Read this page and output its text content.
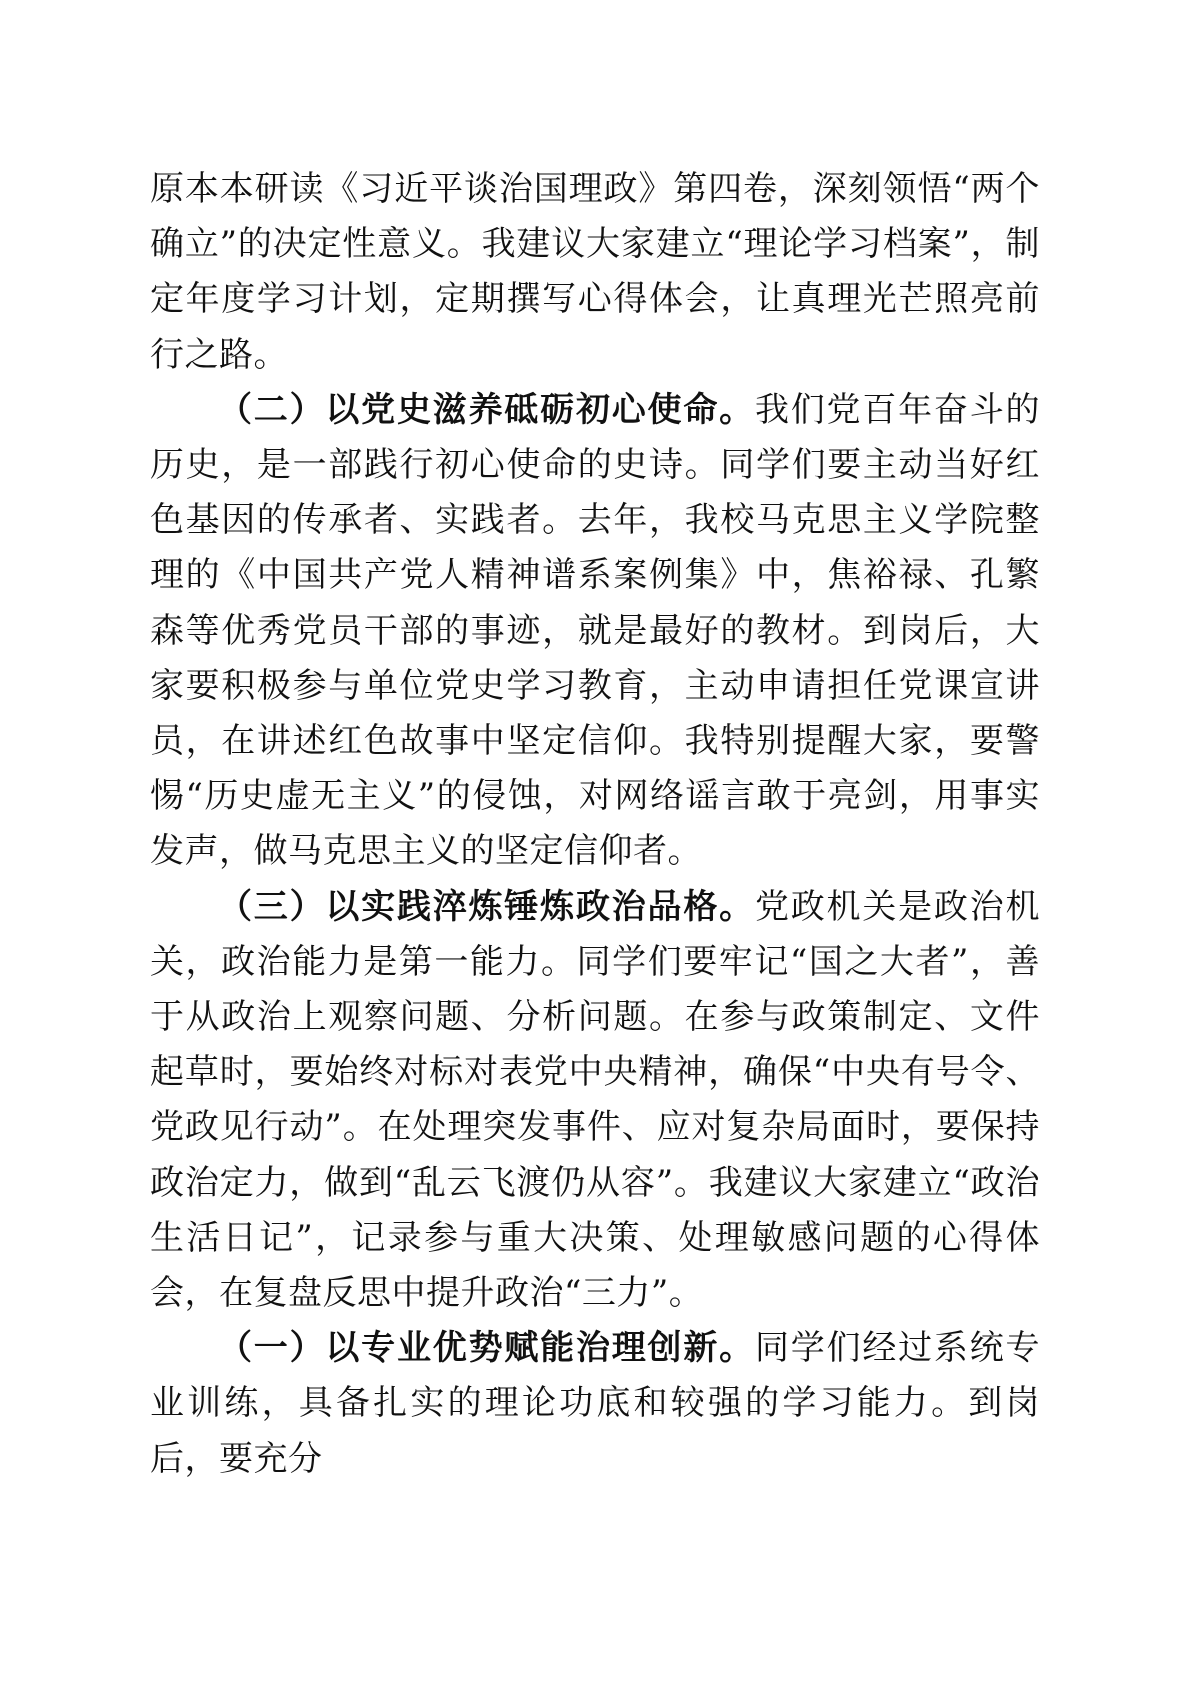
原本本研读《习近平谈治国理政》第四卷，深刻领悟“两个确立”的决定性意义。我建议大家建立“理论学习档案”，制定年度学习计划，定期撰写心得体会，让真理光芒照亮前行之路。

（二）以党史滋养砥砺初心使命。我们党百年奋斗的历史，是一部践行初心使命的史诗。同学们要主动当好红色基因的传承者、实践者。去年，我校马克思主义学院整理的《中国共产党人精神谱系案例集》中，焦裕禄、孔繁森等优秀党员干部的事迹，就是最好的教材。到岗后，大家要积极参与单位党史学习教育，主动申请担任党课宣讲员，在讲述红色故事中坚定信仰。我特别提醒大家，要警惕“历史虚无主义”的侵蚀，对网络谣言敢于亮剑，用事实发声，做马克思主义的坚定信仰者。

（三）以实践淬炼锤炼政治品格。党政机关是政治机关，政治能力是第一能力。同学们要牢记“国之大者”，善于从政治上观察问题、分析问题。在参与政策制定、文件起草时，要始终对标对表党中央精神，确保“中央有号令、党政见行动”。在处理突发事件、应对复杂局面时，要保持政治定力，做到“乱云飞渡仍从容”。我建议大家建立“政治生活日记”，记录参与重大决策、处理敏感问题的心得体会，在复盘反思中提升政治“三力”。

（一）以专业优势赋能治理创新。同学们经过系统专业训练，具备扎实的理论功底和较强的学习能力。到岗后，要充分
